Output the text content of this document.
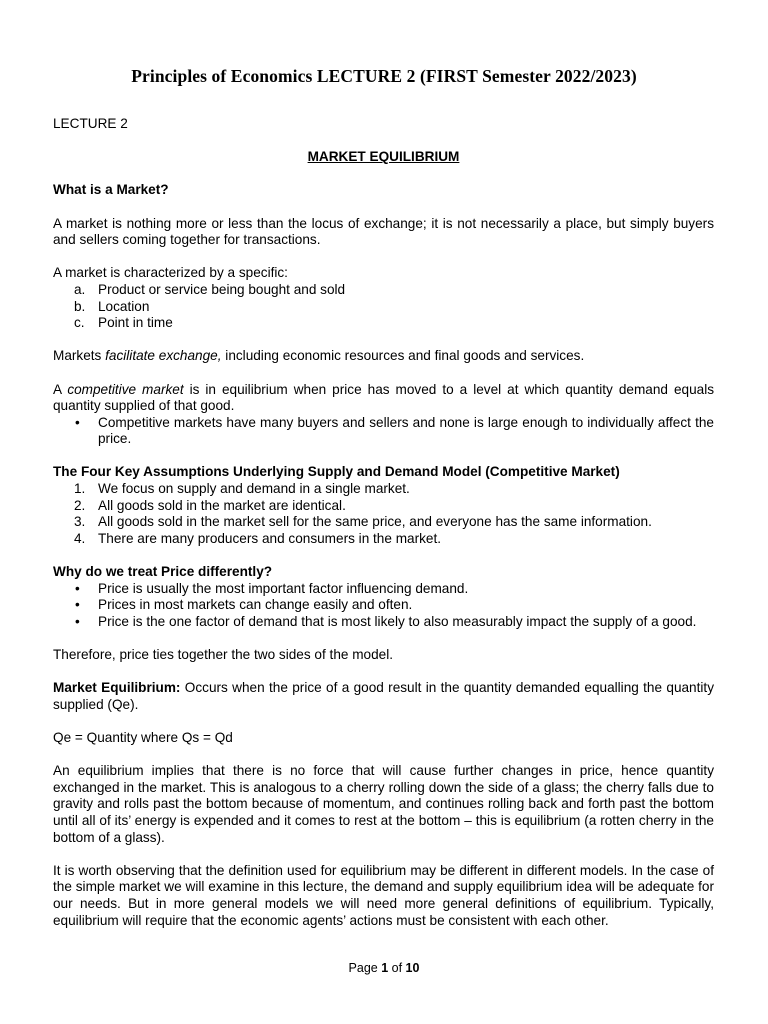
Principles of Economics LECTURE 2 (FIRST Semester 2022/2023)

LECTURE 2

MARKET EQUILIBRIUM

What is a Market?

A market is nothing more or less than the locus of exchange; it is not necessarily a place, but simply buyers and sellers coming together for transactions.

A market is characterized by a specific:
a. Product or service being bought and sold
b. Location
c. Point in time

Markets facilitate exchange, including economic resources and final goods and services.

A competitive market is in equilibrium when price has moved to a level at which quantity demand equals quantity supplied of that good.
•	Competitive markets have many buyers and sellers and none is large enough to individually affect the price.
The Four Key Assumptions Underlying Supply and Demand Model (Competitive Market)
1. We focus on supply and demand in a single market.
2. All goods sold in the market are identical.
3. All goods sold in the market sell for the same price, and everyone has the same information.
4. There are many producers and consumers in the market.
Why do we treat Price differently?
•	Price is usually the most important factor influencing demand.
•	Prices in most markets can change easily and often.
•	Price is the one factor of demand that is most likely to also measurably impact the supply of a good.

Therefore, price ties together the two sides of the model.

Market Equilibrium: Occurs when the price of a good result in the quantity demanded equalling the quantity supplied (Qe).

Qe = Quantity where Qs = Qd

An equilibrium implies that there is no force that will cause further changes in price, hence quantity exchanged in the market. This is analogous to a cherry rolling down the side of a glass; the cherry falls due to gravity and rolls past the bottom because of momentum, and continues rolling back and forth past the bottom until all of its’ energy is expended and it comes to rest at the bottom – this is equilibrium (a rotten cherry in the bottom of a glass).

It is worth observing that the definition used for equilibrium may be different in different models. In the case of the simple market we will examine in this lecture, the demand and supply equilibrium idea will be adequate for our needs. But in more general models we will need more general definitions of equilibrium. Typically, equilibrium will require that the economic agents’ actions must be consistent with each other.

Page 1 of 10
